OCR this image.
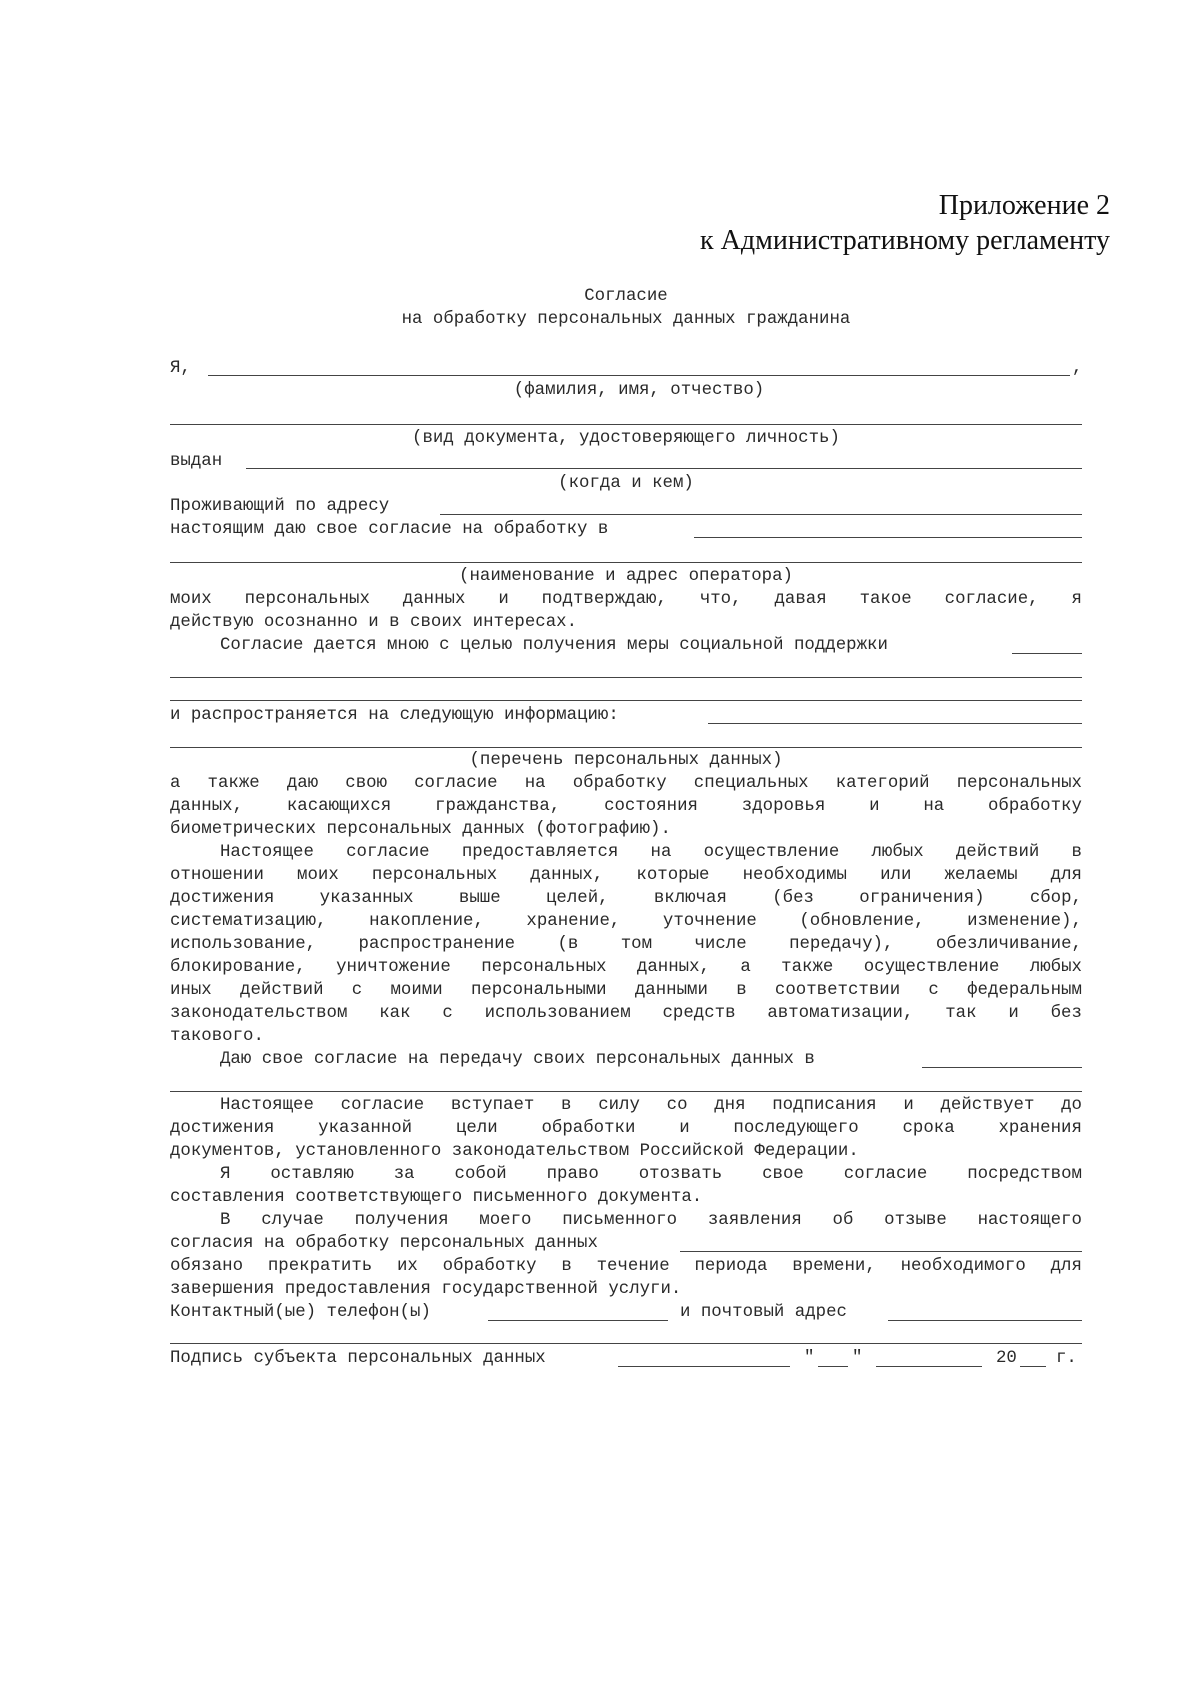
Приложение 2
к Административному регламенту
Согласие
на обработку персональных данных гражданина
Я,	,
(фамилия, имя, отчество)
(вид документа, удостоверяющего личность)
выдан
(когда и кем)
Проживающий по адресу
настоящим даю свое согласие на обработку в
(наименование и адрес оператора)
моих персональных данных и подтверждаю, что, давая такое согласие, я
действую осознанно и в своих интересах.
Согласие дается мною с целью получения меры социальной поддержки
и распространяется на следующую информацию:
(перечень персональных данных)
а также даю свою согласие на обработку специальных категорий персональных
данных,	касающихся	гражданства,	состояния	здоровья	и	на	обработку
биометрических персональных данных (фотографию).
Настоящее согласие предоставляется на осуществление любых действий в
отношении моих персональных данных, которые необходимы или желаемы для
достижения	указанных	выше	целей,	включая	(без	ограничения)	сбор,
систематизацию, накопление, хранение, уточнение (обновление, изменение),
использование, распространение (в том числе передачу), обезличивание,
блокирование, уничтожение персональных данных, а также осуществление любых
иных действий с моими персональными данными в соответствии с федеральным
законодательством как с использованием средств автоматизации, так и без
такового.
Даю свое согласие на передачу своих персональных данных в
Настоящее согласие вступает в силу со дня подписания и действует до
достижения	указанной	цели	обработки	и	последующего	срока	хранения
документов, установленного законодательством Российской Федерации.
Я оставляю за собой право отозвать свое согласие посредством
составления соответствующего письменного документа.
В случае получения моего письменного заявления об отзыве настоящего
согласия на обработку персональных данных
обязано прекратить их обработку в течение периода времени, необходимого для
завершения предоставления государственной услуги.
Контактный(ые) телефон(ы)	и почтовый адрес
Подпись субъекта персональных данных	" "	20 г.
